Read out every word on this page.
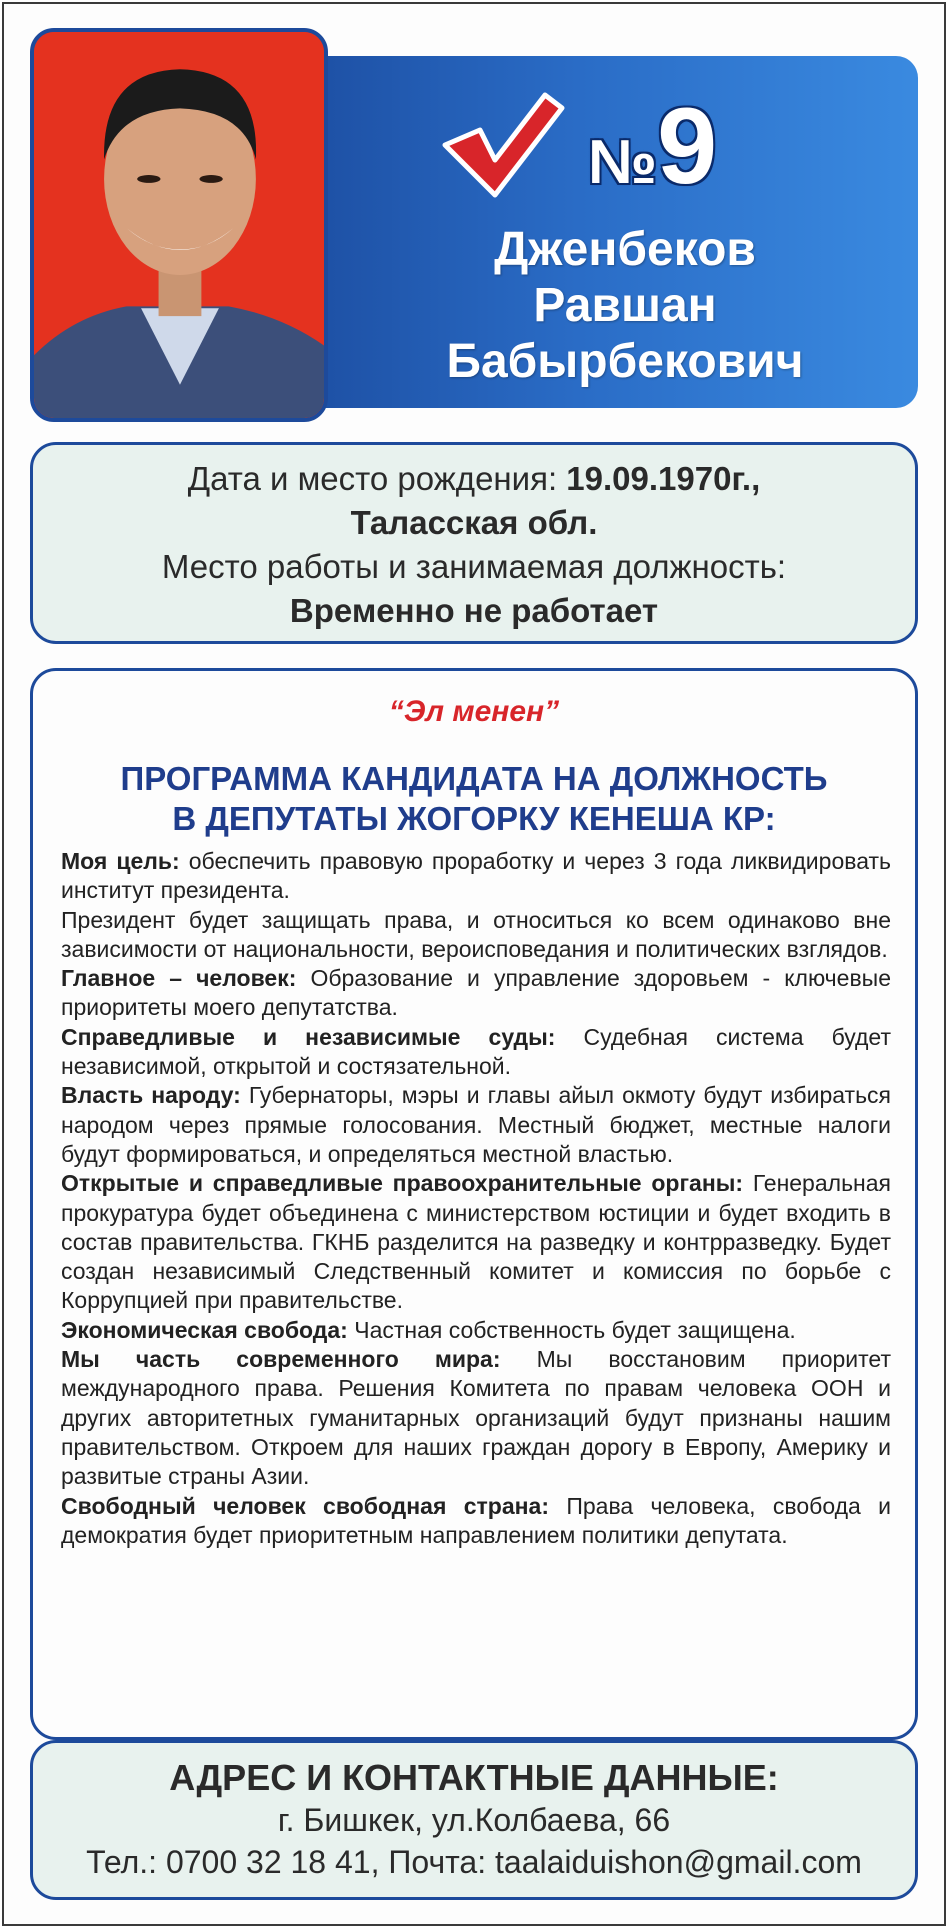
№ 9
Дженбеков
Равшан
Бабырбекович
Дата и место рождения: 19.09.1970г.,
Таласская обл.
Место работы и занимаемая должность:
Временно не работает
“Эл менен”
ПРОГРАММА КАНДИДАТА НА ДОЛЖНОСТЬ
В ДЕПУТАТЫ ЖОГОРКУ КЕНЕША КР:

Моя цель: обеспечить правовую проработку и через 3 года ликвидировать институт президента.

Президент будет защищать права, и относиться ко всем одинаково вне зависимости от национальности, вероисповедания и политических взглядов.

Главное – человек: Образование и управление здоровьем - ключевые приоритеты моего депутатства.

Справедливые и независимые суды: Судебная система будет независимой, открытой и состязательной.

Власть народу: Губернаторы, мэры и главы айыл окмоту будут избираться народом через прямые голосования. Местный бюджет, местные налоги будут формироваться, и определяться местной властью.

Открытые и справедливые правоохранительные органы: Генеральная прокуратура будет объединена с министерством юстиции и будет входить в состав правительства. ГКНБ разделится на разведку и контрразведку. Будет создан независимый Следственный комитет и комиссия по борьбе с Коррупцией при правительстве.

Экономическая свобода: Частная собственность будет защищена.

Мы часть современного мира: Мы восстановим приоритет международного права. Решения Комитета по правам человека ООН и других авторитетных гуманитарных организаций будут признаны нашим правительством. Откроем для наших граждан дорогу в Европу, Америку и развитые страны Азии.

Свободный человек свободная страна: Права человека, свобода и демократия будет приоритетным направлением политики депутата.

АДРЕС И КОНТАКТНЫЕ ДАННЫЕ:
г. Бишкек, ул.Колбаева, 66
Тел.: 0700 32 18 41, Почта: taalaiduishon@gmail.com
